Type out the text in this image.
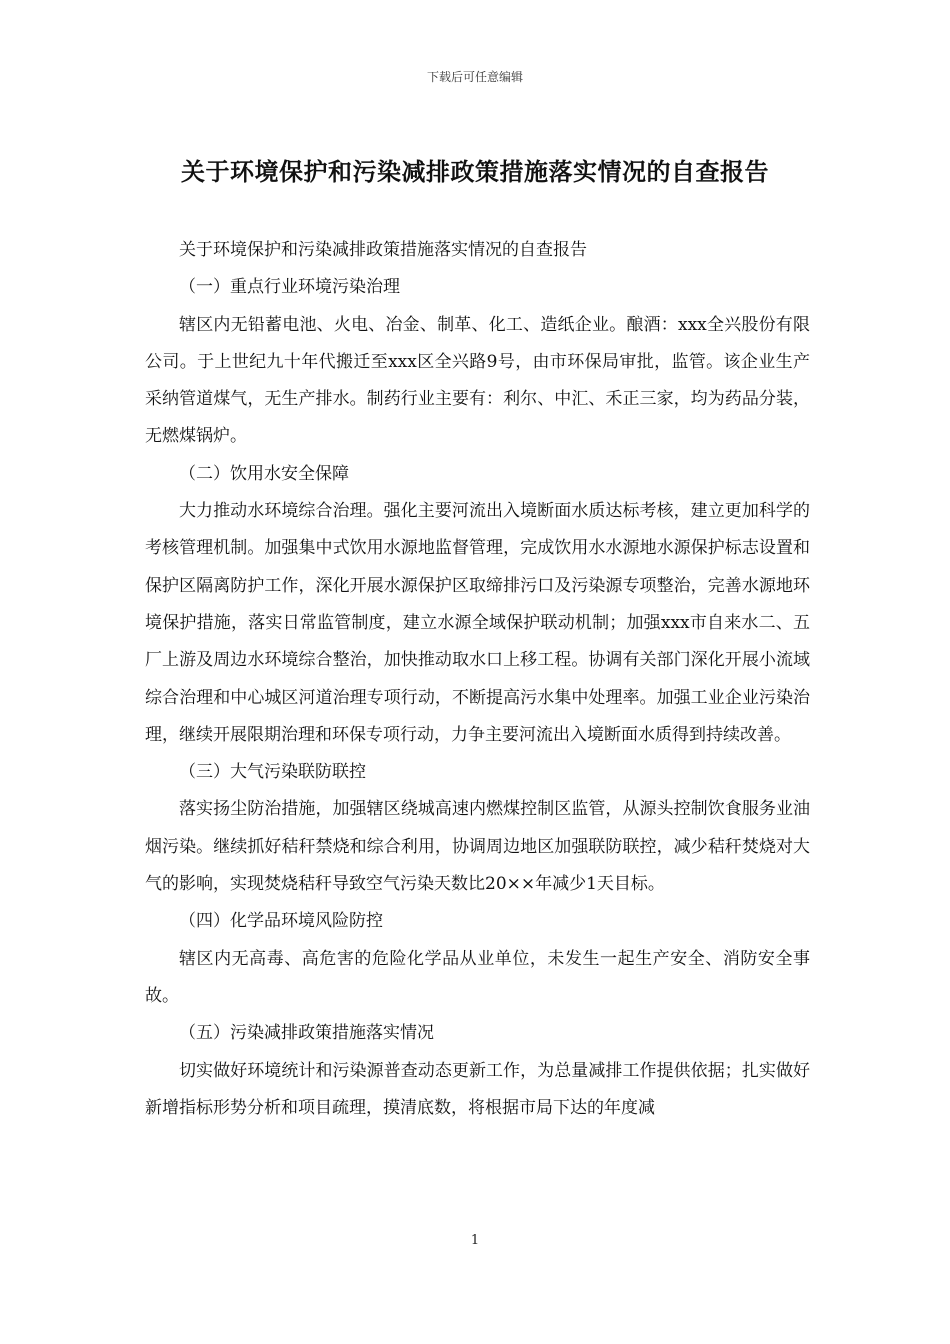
下载后可任意编辑
关于环境保护和污染减排政策措施落实情况的自查报告

关于环境保护和污染减排政策措施落实情况的自查报告

（一）重点行业环境污染治理

辖区内无铅蓄电池、火电、冶金、制革、化工、造纸企业。酿酒：xxx全兴股份有限公司。于上世纪九十年代搬迁至xxx区全兴路9号，由市环保局审批，监管。该企业生产采纳管道煤气，无生产排水。制药行业主要有：利尔、中汇、禾正三家，均为药品分装，无燃煤锅炉。

（二）饮用水安全保障

大力推动水环境综合治理。强化主要河流出入境断面水质达标考核，建立更加科学的考核管理机制。加强集中式饮用水源地监督管理，完成饮用水水源地水源保护标志设置和保护区隔离防护工作，深化开展水源保护区取缔排污口及污染源专项整治，完善水源地环境保护措施，落实日常监管制度，建立水源全域保护联动机制；加强xxx市自来水二、五厂上游及周边水环境综合整治，加快推动取水口上移工程。协调有关部门深化开展小流域综合治理和中心城区河道治理专项行动，不断提高污水集中处理率。加强工业企业污染治理，继续开展限期治理和环保专项行动，力争主要河流出入境断面水质得到持续改善。

（三）大气污染联防联控

落实扬尘防治措施，加强辖区绕城高速内燃煤控制区监管，从源头控制饮食服务业油烟污染。继续抓好秸秆禁烧和综合利用，协调周边地区加强联防联控，减少秸秆焚烧对大气的影响，实现焚烧秸秆导致空气污染天数比20××年减少1天目标。

（四）化学品环境风险防控

辖区内无高毒、高危害的危险化学品从业单位，未发生一起生产安全、消防安全事故。

（五）污染减排政策措施落实情况

切实做好环境统计和污染源普查动态更新工作，为总量减排工作提供依据；扎实做好新增指标形势分析和项目疏理，摸清底数，将根据市局下达的年度减

1
